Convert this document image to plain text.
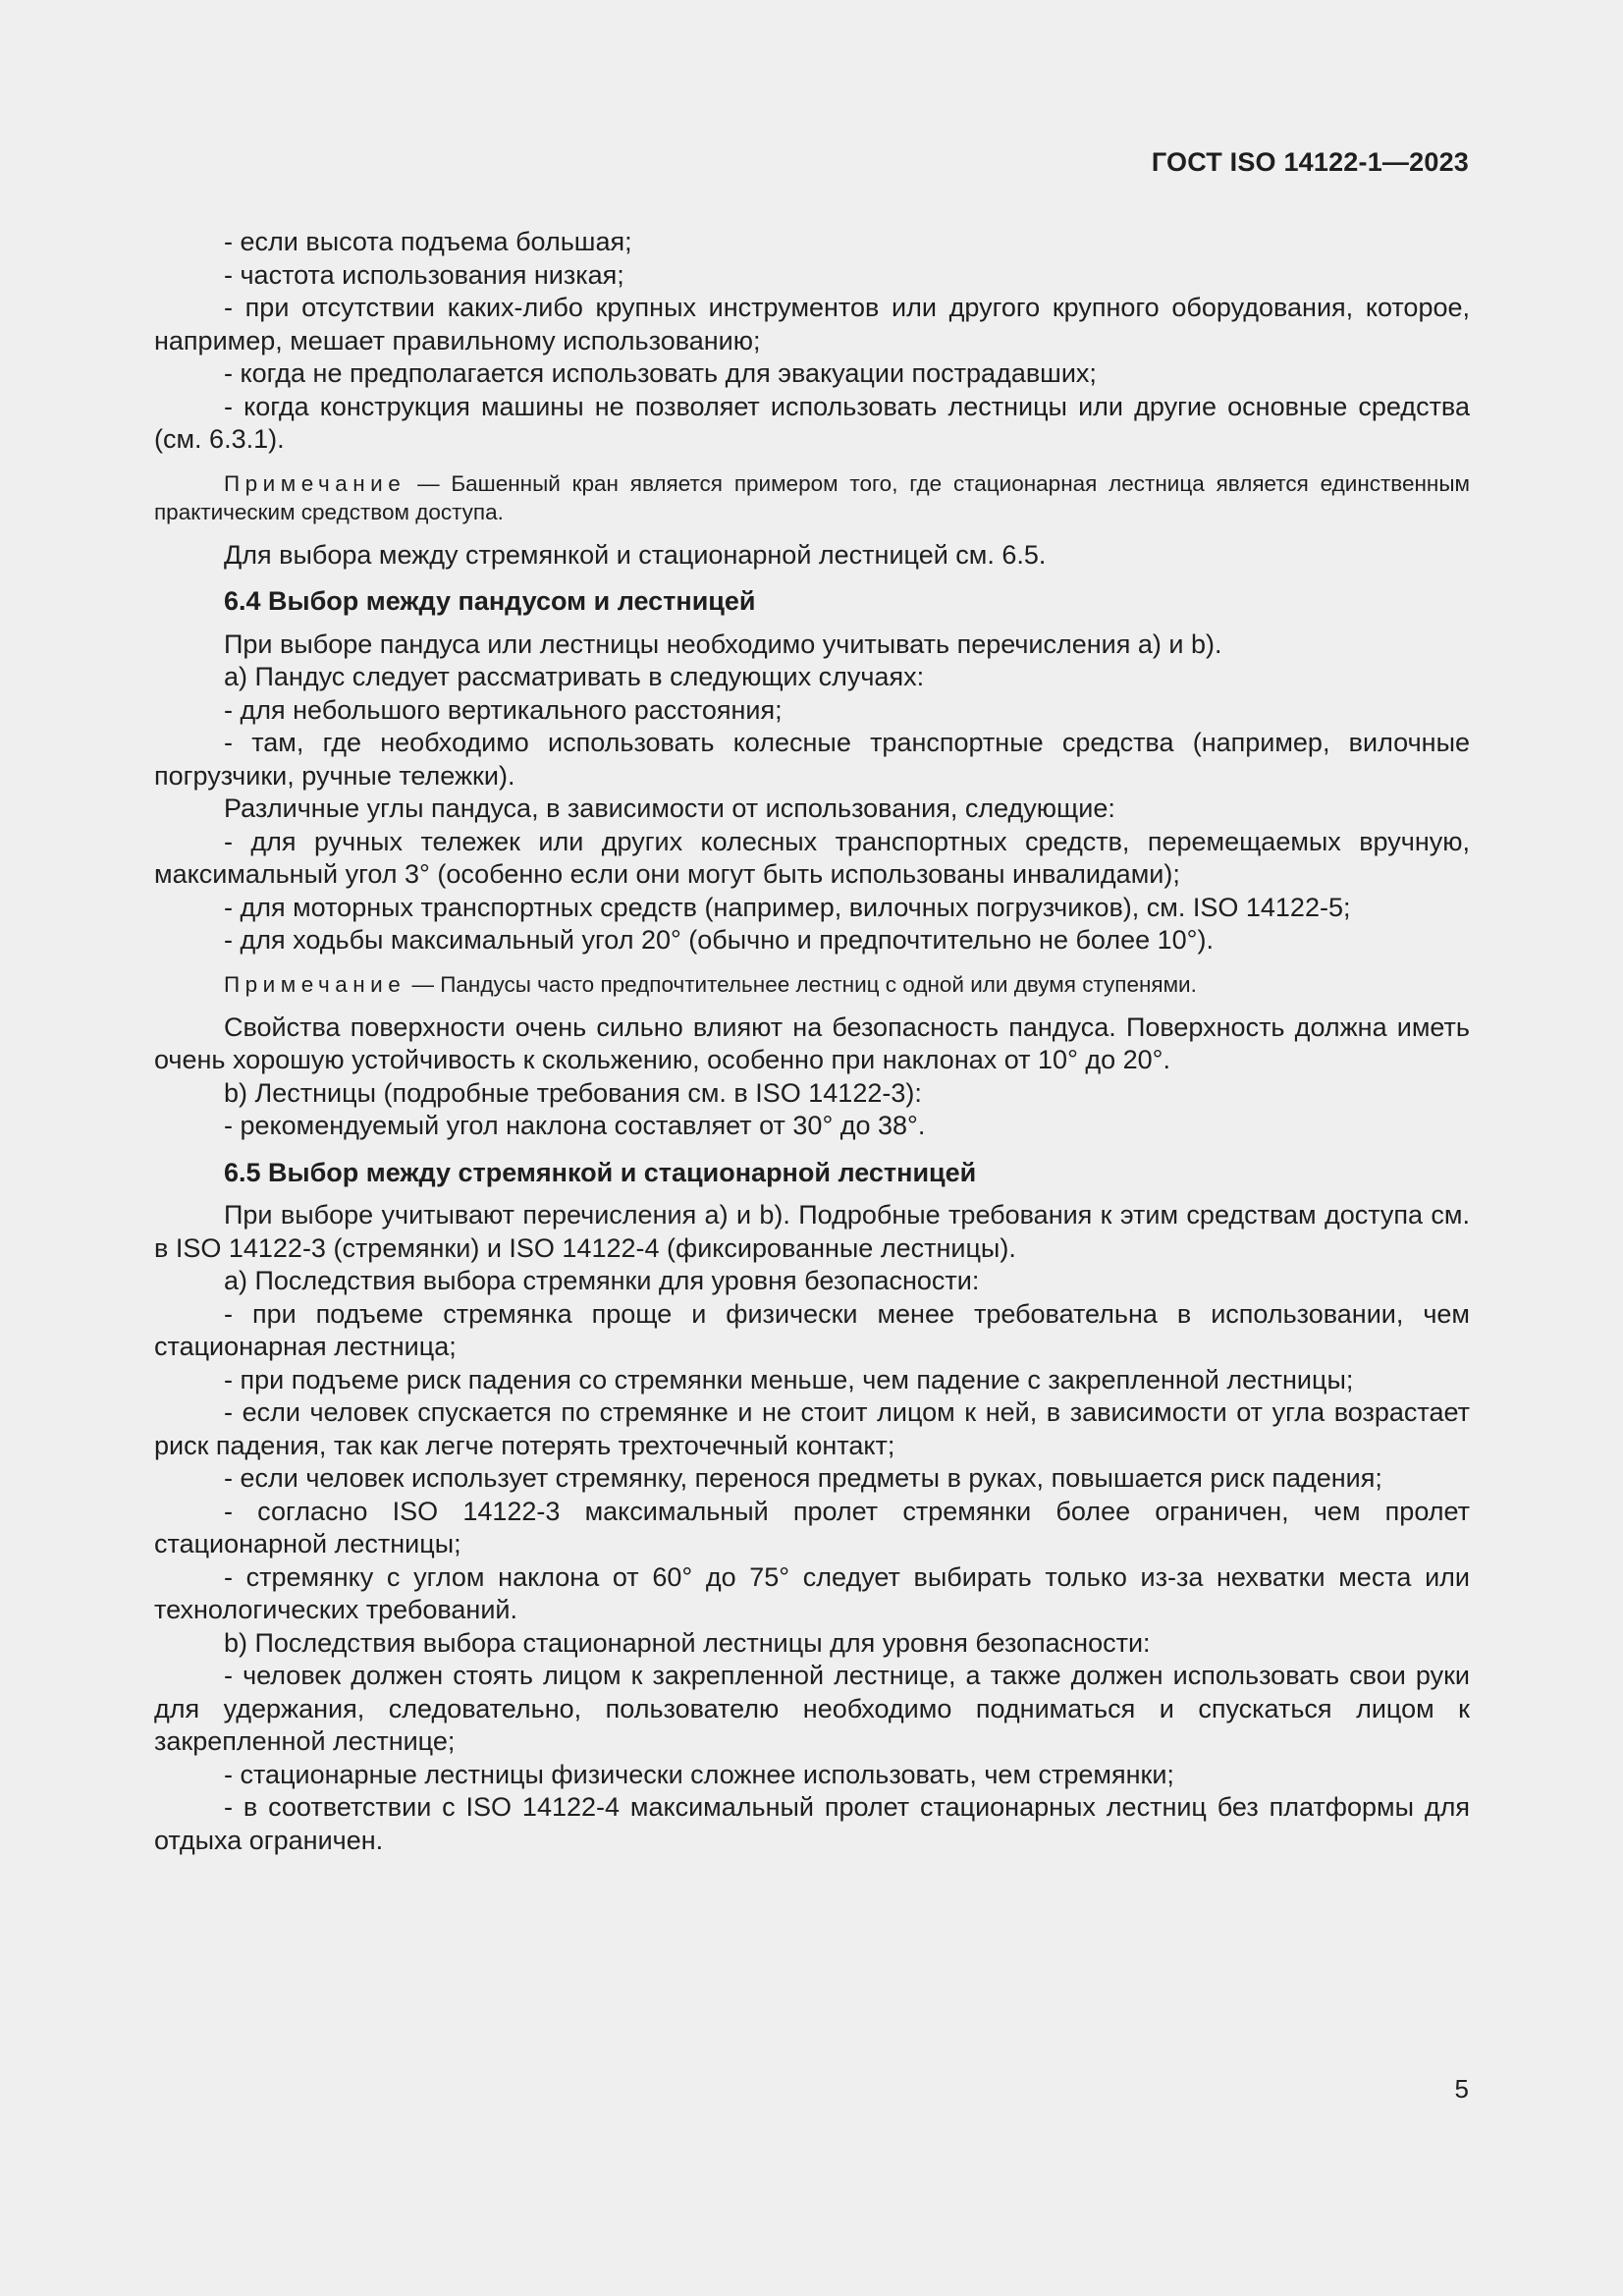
ГОСТ ISO 14122-1—2023

- если высота подъема большая;

- частота использования низкая;

- при отсутствии каких-либо крупных инструментов или другого крупного оборудования, которое, например, мешает правильному использованию;

- когда не предполагается использовать для эвакуации пострадавших;

- когда конструкция машины не позволяет использовать лестницы или другие основные средства (см. 6.3.1).

Примечание — Башенный кран является примером того, где стационарная лестница является единственным практическим средством доступа.

Для выбора между стремянкой и стационарной лестницей см. 6.5.

6.4 Выбор между пандусом и лестницей

При выборе пандуса или лестницы необходимо учитывать перечисления а) и b).

а) Пандус следует рассматривать в следующих случаях:

- для небольшого вертикального расстояния;

- там, где необходимо использовать колесные транспортные средства (например, вилочные погрузчики, ручные тележки).

Различные углы пандуса, в зависимости от использования, следующие:

- для ручных тележек или других колесных транспортных средств, перемещаемых вручную, максимальный угол 3° (особенно если они могут быть использованы инвалидами);

- для моторных транспортных средств (например, вилочных погрузчиков), см. ISO 14122-5;

- для ходьбы максимальный угол 20° (обычно и предпочтительно не более 10°).

Примечание — Пандусы часто предпочтительнее лестниц с одной или двумя ступенями.

Свойства поверхности очень сильно влияют на безопасность пандуса. Поверхность должна иметь очень хорошую устойчивость к скольжению, особенно при наклонах от 10° до 20°.

b) Лестницы (подробные требования см. в ISO 14122-3):

- рекомендуемый угол наклона составляет от 30° до 38°.

6.5 Выбор между стремянкой и стационарной лестницей

При выборе учитывают перечисления а) и b). Подробные требования к этим средствам доступа см. в ISO 14122-3 (стремянки) и ISO 14122-4 (фиксированные лестницы).

а) Последствия выбора стремянки для уровня безопасности:

- при подъеме стремянка проще и физически менее требовательна в использовании, чем стационарная лестница;

- при подъеме риск падения со стремянки меньше, чем падение с закрепленной лестницы;

- если человек спускается по стремянке и не стоит лицом к ней, в зависимости от угла возрастает риск падения, так как легче потерять трехточечный контакт;

- если человек использует стремянку, перенося предметы в руках, повышается риск падения;

- согласно ISO 14122-3 максимальный пролет стремянки более ограничен, чем пролет стационарной лестницы;

- стремянку с углом наклона от 60° до 75° следует выбирать только из-за нехватки места или технологических требований.

b) Последствия выбора стационарной лестницы для уровня безопасности:

- человек должен стоять лицом к закрепленной лестнице, а также должен использовать свои руки для удержания, следовательно, пользователю необходимо подниматься и спускаться лицом к закрепленной лестнице;

- стационарные лестницы физически сложнее использовать, чем стремянки;

- в соответствии с ISO 14122-4 максимальный пролет стационарных лестниц без платформы для отдыха ограничен.

5
